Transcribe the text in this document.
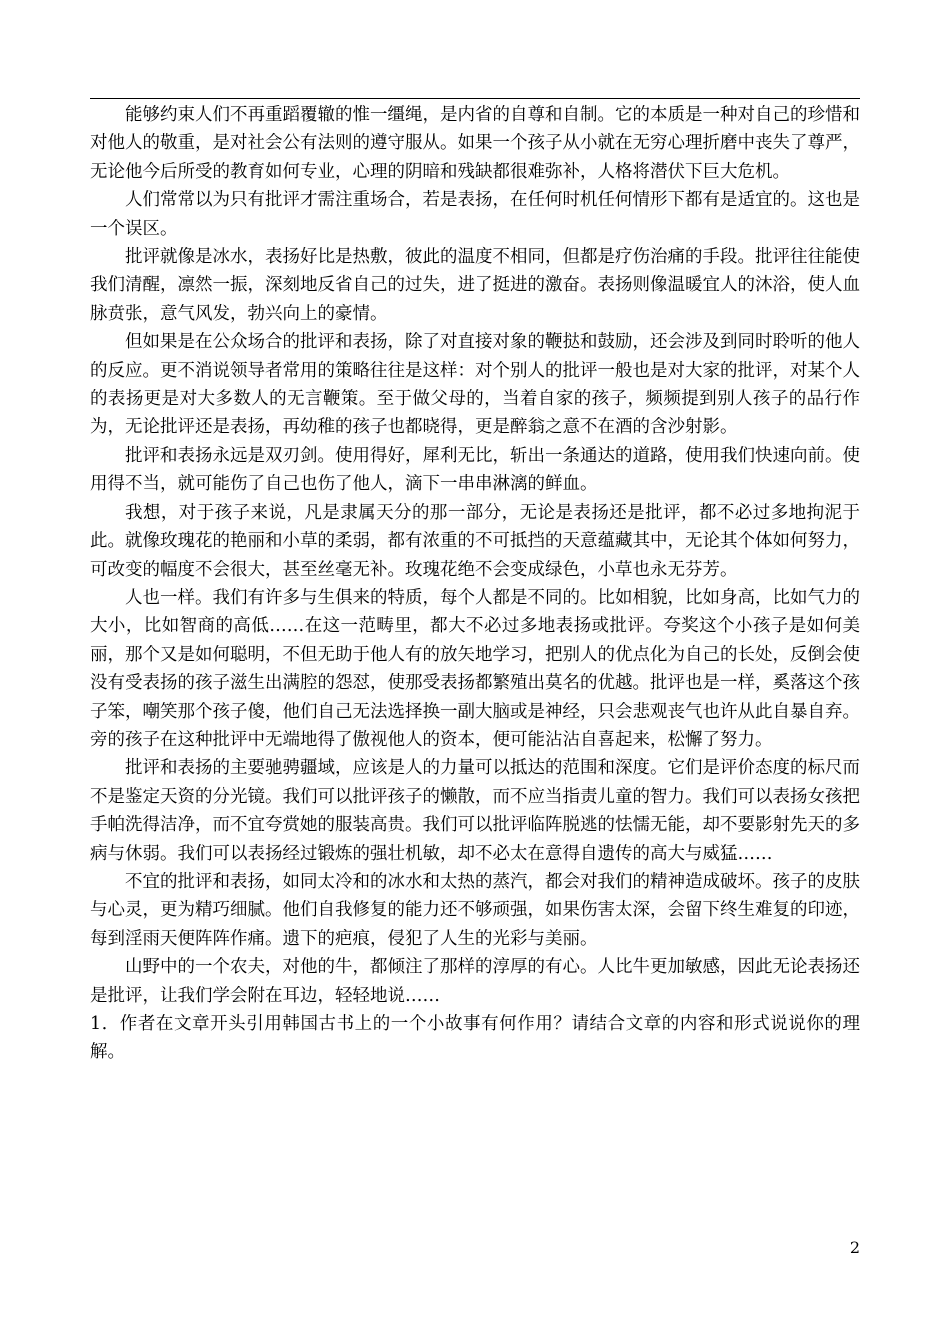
能够约束人们不再重蹈覆辙的惟一缰绳，是内省的自尊和自制。它的本质是一种对自己的珍惜和对他人的敬重，是对社会公有法则的遵守服从。如果一个孩子从小就在无穷心理折磨中丧失了尊严，无论他今后所受的教育如何专业，心理的阴暗和残缺都很难弥补，人格将潜伏下巨大危机。

人们常常以为只有批评才需注重场合，若是表扬，在任何时机任何情形下都有是适宜的。这也是一个误区。

批评就像是冰水，表扬好比是热敷，彼此的温度不相同，但都是疗伤治痛的手段。批评往往能使我们清醒，凛然一振，深刻地反省自己的过失，进了挺进的激奋。表扬则像温暖宜人的沐浴，使人血脉贲张，意气风发，勃兴向上的豪情。

但如果是在公众场合的批评和表扬，除了对直接对象的鞭挞和鼓励，还会涉及到同时聆听的他人的反应。更不消说领导者常用的策略往往是这样：对个别人的批评一般也是对大家的批评，对某个人的表扬更是对大多数人的无言鞭策。至于做父母的，当着自家的孩子，频频提到别人孩子的品行作为，无论批评还是表扬，再幼稚的孩子也都晓得，更是醉翁之意不在酒的含沙射影。

批评和表扬永远是双刃剑。使用得好，犀利无比，斩出一条通达的道路，使用我们快速向前。使用得不当，就可能伤了自己也伤了他人，滴下一串串淋漓的鲜血。

我想，对于孩子来说，凡是隶属天分的那一部分，无论是表扬还是批评，都不必过多地拘泥于此。就像玫瑰花的艳丽和小草的柔弱，都有浓重的不可抵挡的天意蕴藏其中，无论其个体如何努力，可改变的幅度不会很大，甚至丝毫无补。玫瑰花绝不会变成绿色，小草也永无芬芳。

人也一样。我们有许多与生俱来的特质，每个人都是不同的。比如相貌，比如身高，比如气力的大小，比如智商的高低……在这一范畴里，都大不必过多地表扬或批评。夸奖这个小孩子是如何美丽，那个又是如何聪明，不但无助于他人有的放矢地学习，把别人的优点化为自己的长处，反倒会使没有受表扬的孩子滋生出满腔的怨怼，使那受表扬都繁殖出莫名的优越。批评也是一样，奚落这个孩子笨，嘲笑那个孩子傻，他们自己无法选择换一副大脑或是神经，只会悲观丧气也许从此自暴自弃。旁的孩子在这种批评中无端地得了傲视他人的资本，便可能沾沾自喜起来，松懈了努力。

批评和表扬的主要驰骋疆域，应该是人的力量可以抵达的范围和深度。它们是评价态度的标尺而不是鉴定天资的分光镜。我们可以批评孩子的懒散，而不应当指责儿童的智力。我们可以表扬女孩把手帕洗得洁净，而不宜夸赏她的服装高贵。我们可以批评临阵脱逃的怯懦无能，却不要影射先天的多病与休弱。我们可以表扬经过锻炼的强壮机敏，却不必太在意得自遗传的高大与威猛……

不宜的批评和表扬，如同太冷和的冰水和太热的蒸汽，都会对我们的精神造成破坏。孩子的皮肤与心灵，更为精巧细腻。他们自我修复的能力还不够顽强，如果伤害太深，会留下终生难复的印迹，每到淫雨天便阵阵作痛。遗下的疤痕，侵犯了人生的光彩与美丽。

山野中的一个农夫，对他的牛，都倾注了那样的淳厚的有心。人比牛更加敏感，因此无论表扬还是批评，让我们学会附在耳边，轻轻地说……

1．作者在文章开头引用韩国古书上的一个小故事有何作用？请结合文章的内容和形式说说你的理解。

2
